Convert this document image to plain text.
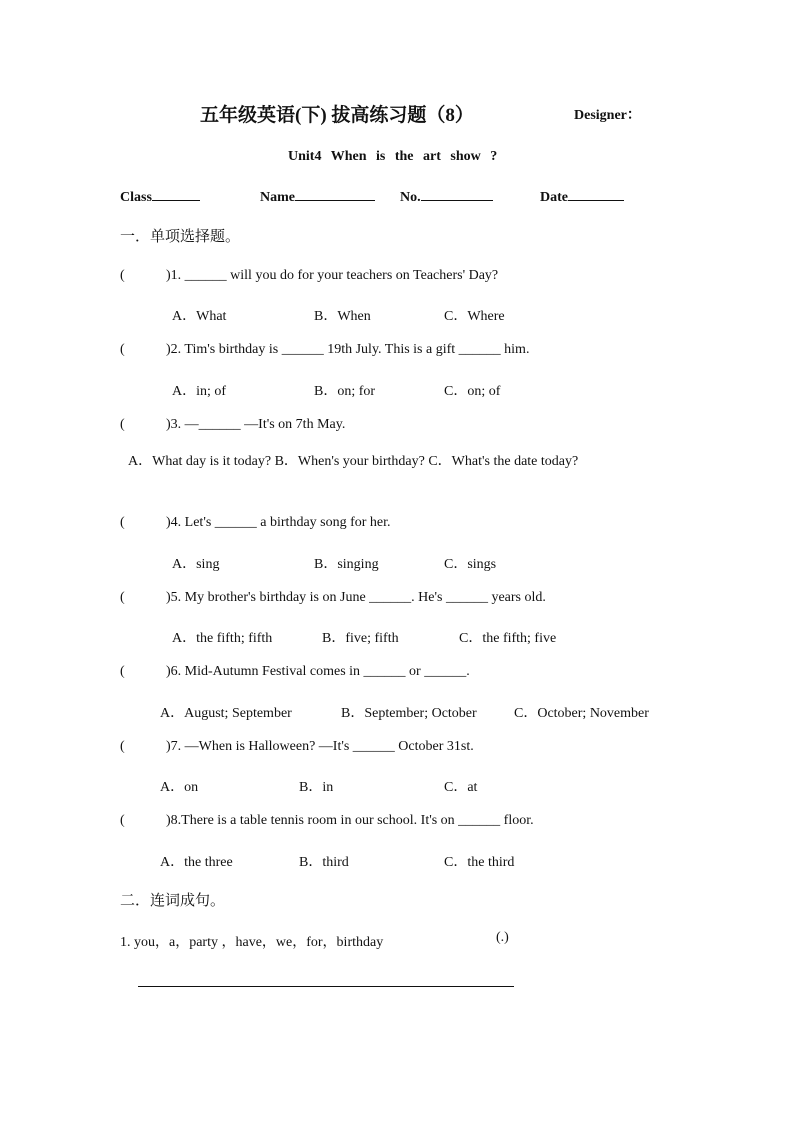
五年级英语(下) 拔高练习题（8）	Designer：
Unit4 When is the art show ?
Class	Name	No.	Date
一．单项选择题。
(	)1. ______ will you do for your teachers on Teachers' Day?
A．What	B．When	C．Where
(	)2. Tim's birthday is ______ 19th July. This is a gift ______ him.
A．in; of	B．on; for	C．on; of
(	)3. —______ —It's on 7th May.
A．What day is it today? B．When's your birthday? C．What's the date today?
(	)4. Let's ______ a birthday song for her.
A．sing	B．singing	C．sings
(	)5. My brother's birthday is on June ______. He's ______ years old.
A．the fifth; fifth	B．five; fifth	C．the fifth; five
(	)6. Mid-Autumn Festival comes in ______ or ______.
A．August; September	B．September; October	C．October; November
(	)7. —When is Halloween? —It's ______ October 31st.
A．on	B．in	C．at
(	)8.There is a table tennis room in our school. It's on ______ floor.
A．the three	B．third	C．the third
二．连词成句。
1. you，a，party ，have，we，for，birthday	(.)
